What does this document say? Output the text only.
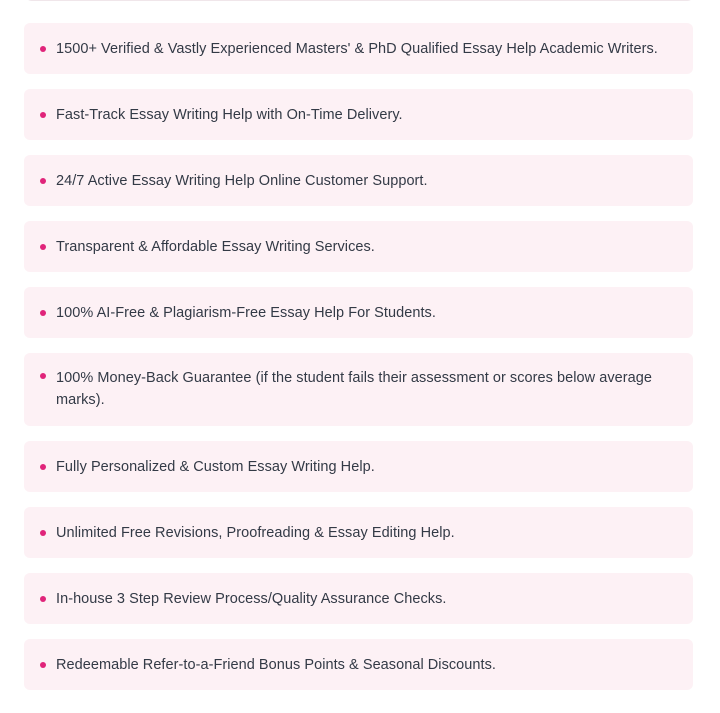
1500+ Verified & Vastly Experienced Masters' & PhD Qualified Essay Help Academic Writers.
Fast-Track Essay Writing Help with On-Time Delivery.
24/7 Active Essay Writing Help Online Customer Support.
Transparent & Affordable Essay Writing Services.
100% AI-Free & Plagiarism-Free Essay Help For Students.
100% Money-Back Guarantee (if the student fails their assessment or scores below average marks).
Fully Personalized & Custom Essay Writing Help.
Unlimited Free Revisions, Proofreading & Essay Editing Help.
In-house 3 Step Review Process/Quality Assurance Checks.
Redeemable Refer-to-a-Friend Bonus Points & Seasonal Discounts.
